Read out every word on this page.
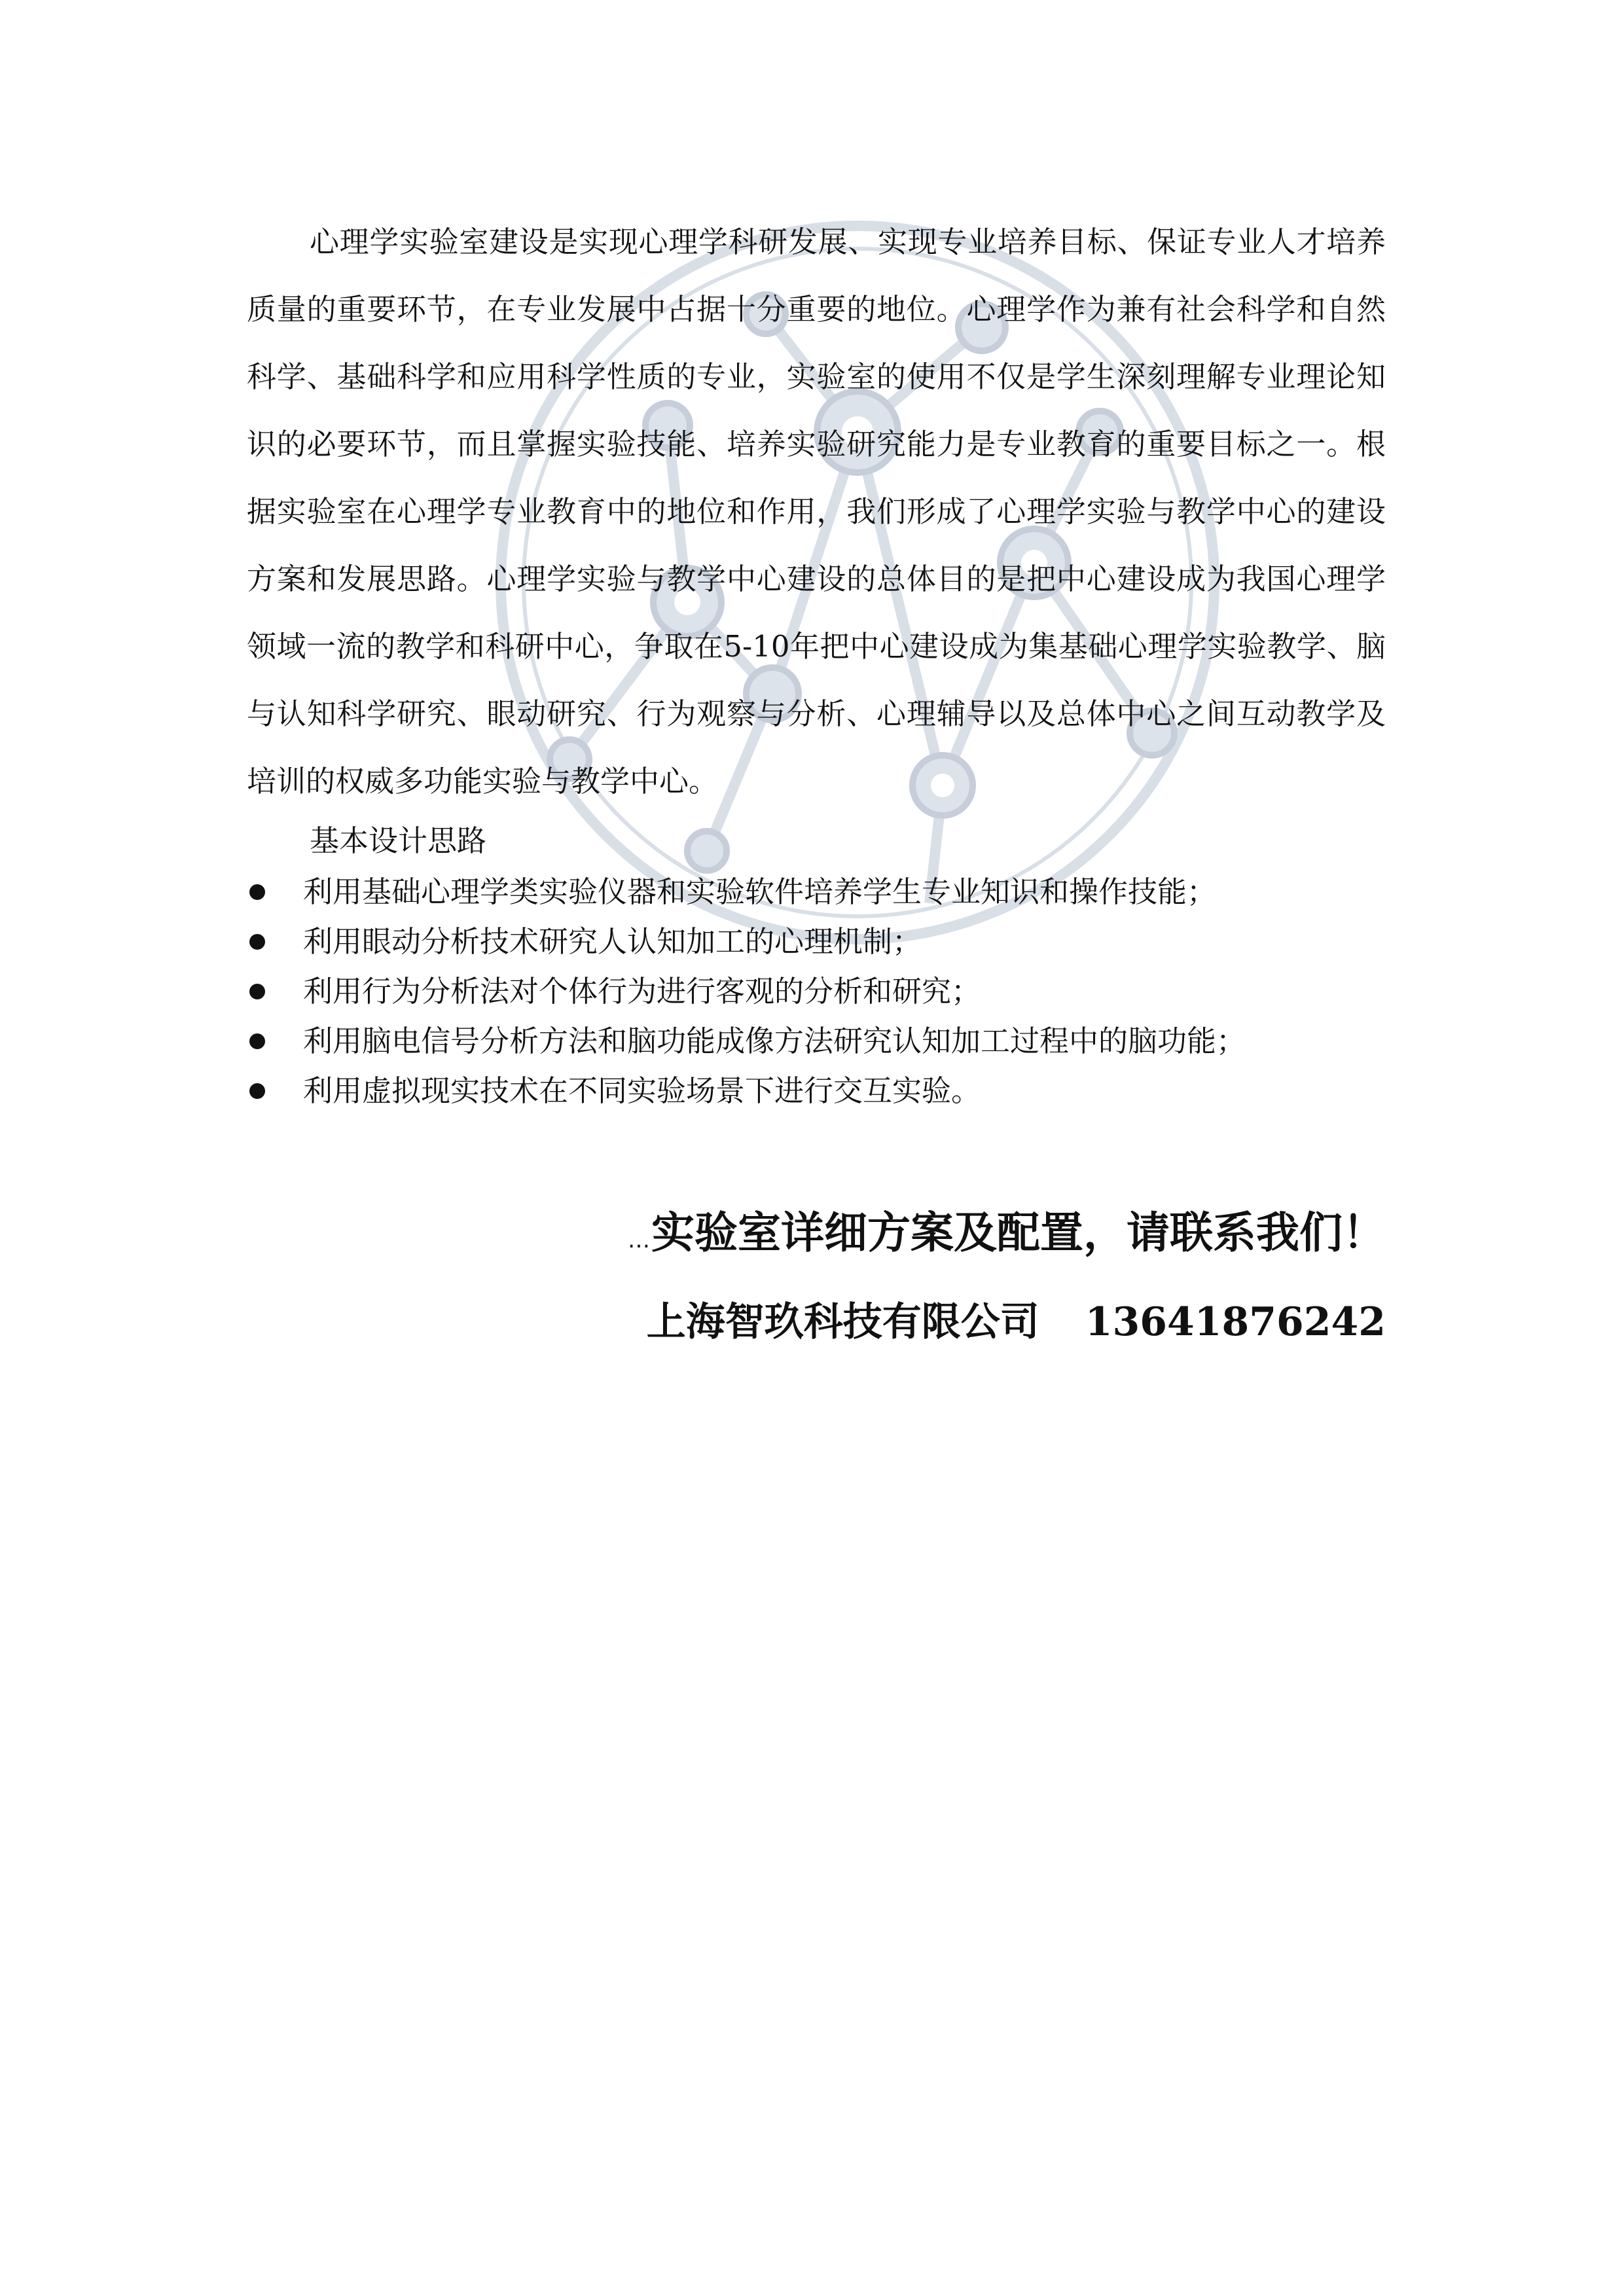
心理学实验室建设是实现心理学科研发展、实现专业培养目标、保证专业人才培养质量的重要环节，在专业发展中占据十分重要的地位。心理学作为兼有社会科学和自然科学、基础科学和应用科学性质的专业，实验室的使用不仅是学生深刻理解专业理论知识的必要环节，而且掌握实验技能、培养实验研究能力是专业教育的重要目标之一。根据实验室在心理学专业教育中的地位和作用，我们形成了心理学实验与教学中心的建设方案和发展思路。心理学实验与教学中心建设的总体目的是把中心建设成为我国心理学领域一流的教学和科研中心，争取在5-10年把中心建设成为集基础心理学实验教学、脑与认知科学研究、眼动研究、行为观察与分析、心理辅导以及总体中心之间互动教学及培训的权威多功能实验与教学中心。

基本设计思路

利用基础心理学类实验仪器和实验软件培养学生专业知识和操作技能；
利用眼动分析技术研究人认知加工的心理机制；
利用行为分析法对个体行为进行客观的分析和研究；
利用脑电信号分析方法和脑功能成像方法研究认知加工过程中的脑功能；
利用虚拟现实技术在不同实验场景下进行交互实验。
…实验室详细方案及配置，请联系我们！
上海智玖科技有限公司 13641876242
